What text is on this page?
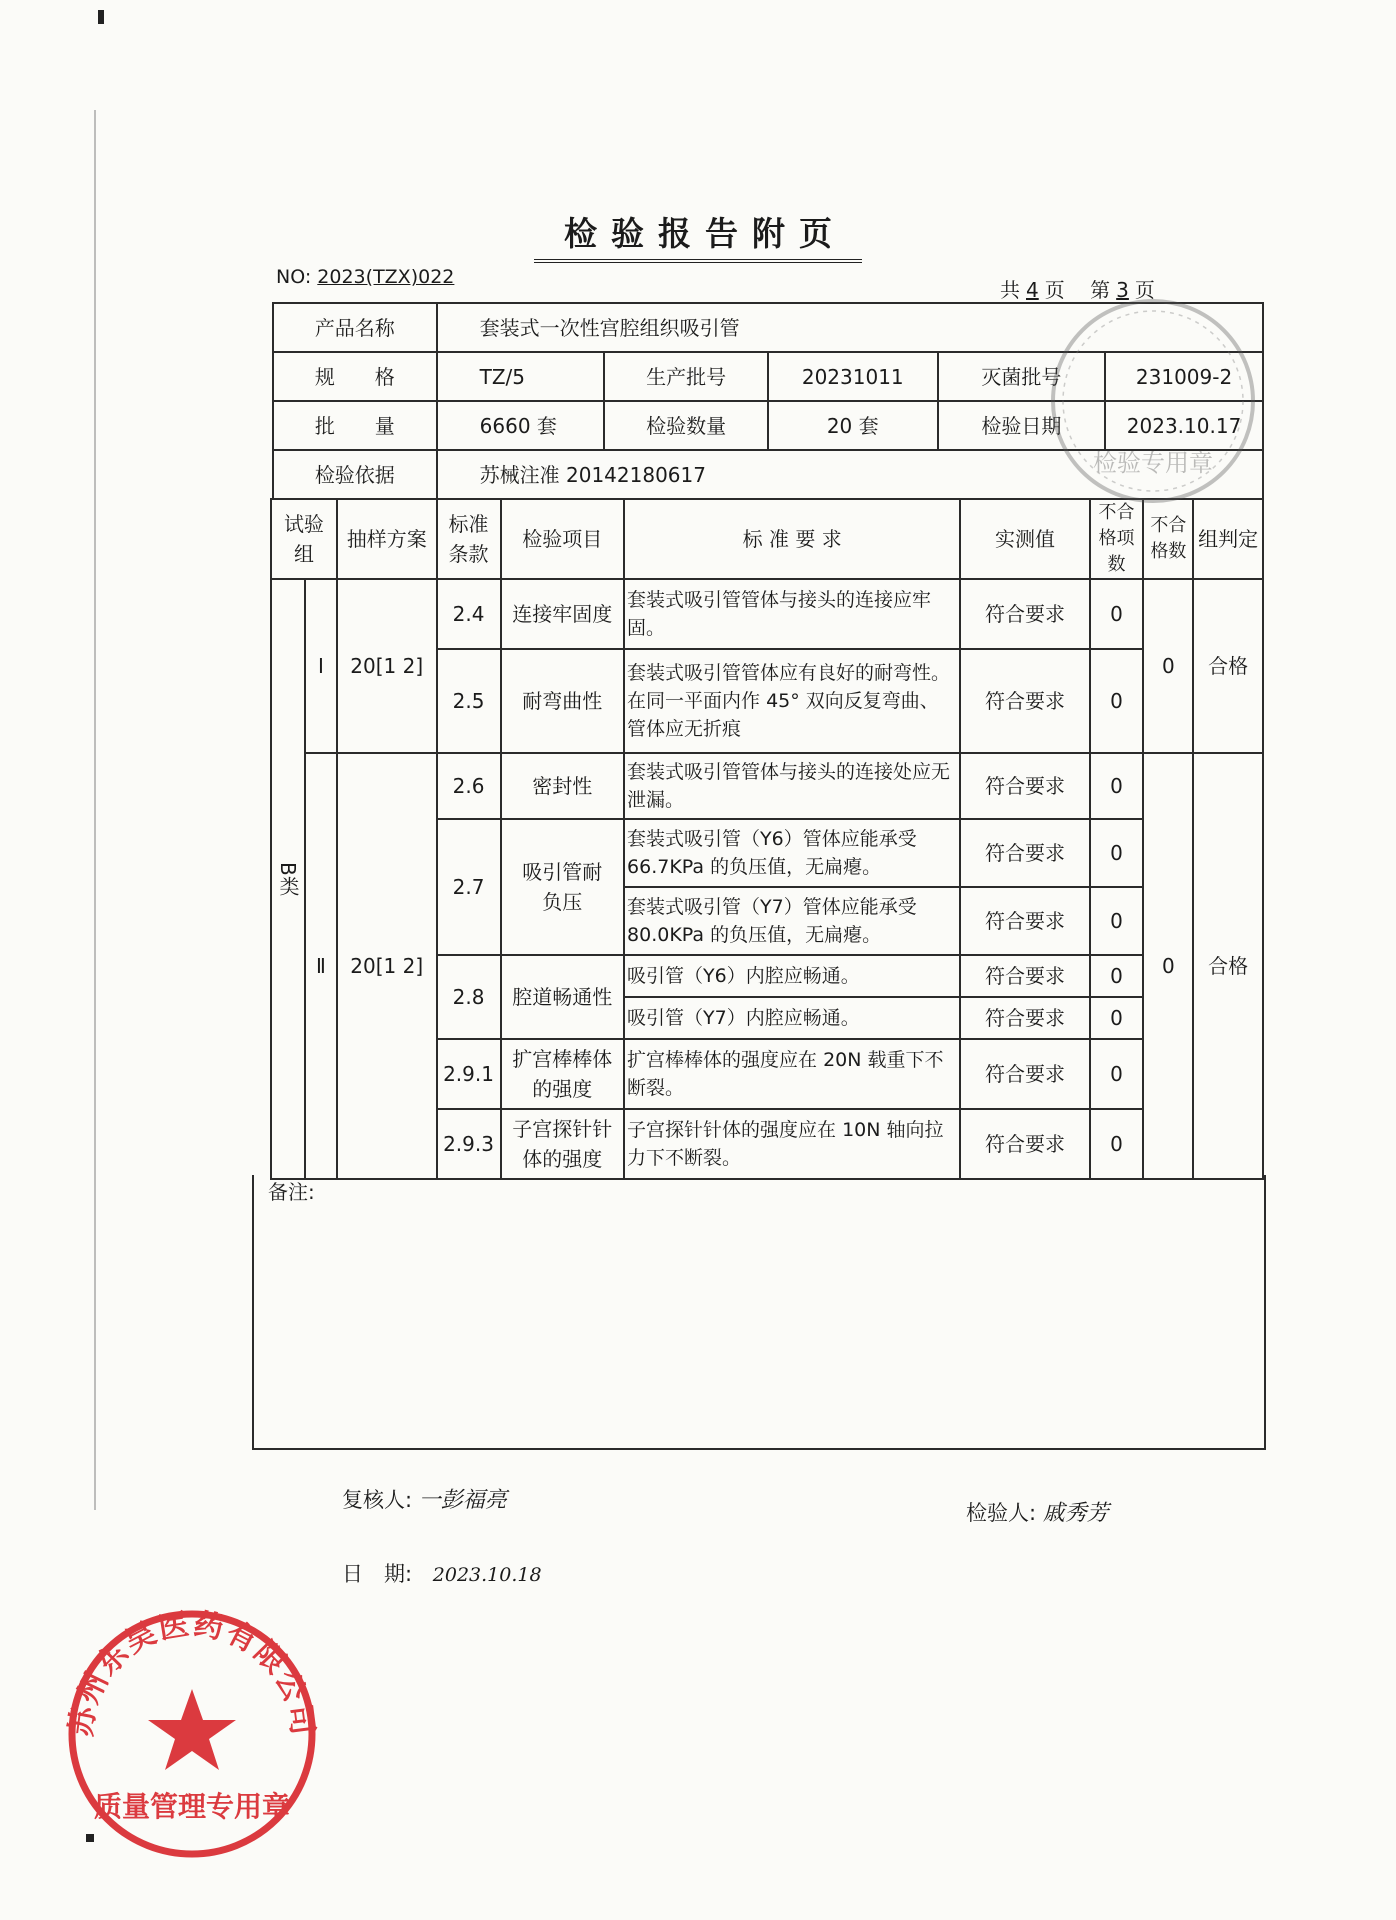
检验报告附页
NO: 2023(TZX)022
共 4 页 第 3 页
产品名称	套装式一次性宫腔组织吸引管				
规　　格	TZ/5	生产批号	20231011	灭菌批号	231009-2
批　　量	6660 套	检验数量	20 套	检验日期	2023.10.17
检验依据	苏械注准 20142180617				
试验组		抽样方案	标准条款	检验项目	标 准 要 求	实测值	不合格项 数	不合格数	组判定
B类	Ⅰ	20[1 2]	2.4	连接牢固度	套装式吸引管管体与接头的连接应牢固。	符合要求	0	0	合格
			2.5	耐弯曲性	套装式吸引管管体应有良好的耐弯性。在同一平面内作 45° 双向反复弯曲、管体应无折痕	符合要求	0		
	Ⅱ	20[1 2]	2.6	密封性	套装式吸引管管体与接头的连接处应无泄漏。	符合要求	0	0	合格
			2.7	吸引管耐负压	套装式吸引管（Y6）管体应能承受66.7KPa 的负压值，无扁瘪。	符合要求	0		
					套装式吸引管（Y7）管体应能承受80.0KPa 的负压值，无扁瘪。	符合要求	0		
			2.8	腔道畅通性	吸引管（Y6）内腔应畅通。	符合要求	0		
					吸引管（Y7）内腔应畅通。	符合要求	0		
			2.9.1	扩宫棒棒体的强度	扩宫棒棒体的强度应在 20N 载重下不断裂。	符合要求	0		
			2.9.3	子宫探针针体的强度	子宫探针针体的强度应在 10N 轴向拉力下不断裂。	符合要求	0		
备注:
复核人: 一彭福亮	检验人: 戚秀芳
日　期: 2023.10.18
检验专用章
苏州东吴医药有限公司
质量管理专用章
